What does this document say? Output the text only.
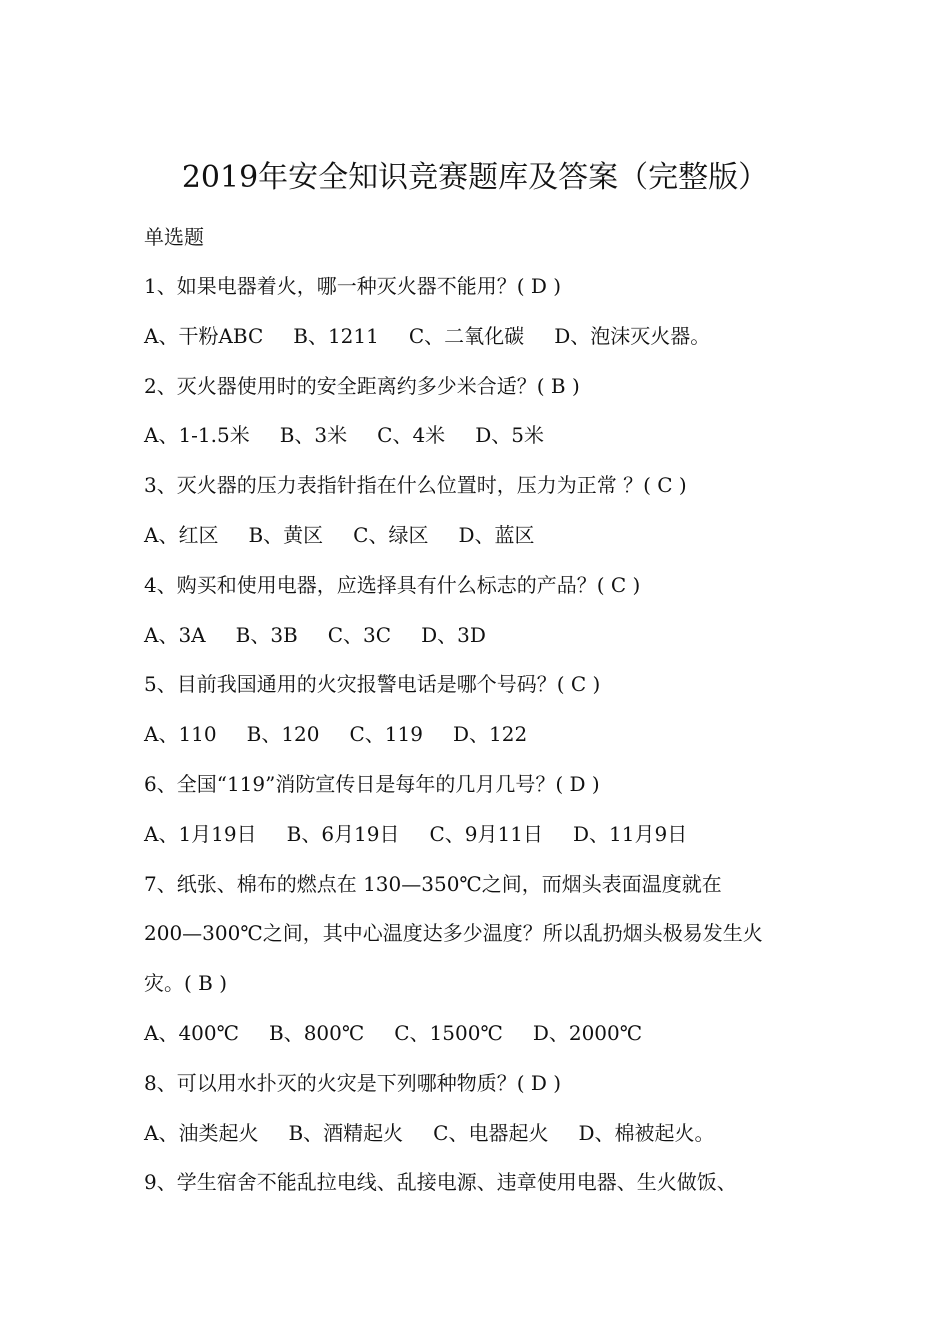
2019年安全知识竞赛题库及答案（完整版）
单选题
1、如果电器着火，哪一种灭火器不能用？( D )
A、干粉ABC B、1211 C、二氧化碳 D、泡沫灭火器。
2、灭火器使用时的安全距离约多少米合适？( B )
A、1-1.5米 B、3米 C、4米 D、5米
3、灭火器的压力表指针指在什么位置时，压力为正常 ？( C )
A、红区 B、黄区 C、绿区 D、蓝区
4、购买和使用电器，应选择具有什么标志的产品？( C )
A、3A B、3B C、3C D、3D
5、目前我国通用的火灾报警电话是哪个号码？( C )
A、110 B、120 C、119 D、122
6、全国“119”消防宣传日是每年的几月几号？( D )
A、1月19日 B、6月19日 C、9月11日 D、11月9日
7、纸张、棉布的燃点在 130—350℃之间，而烟头表面温度就在
200—300℃之间，其中心温度达多少温度？所以乱扔烟头极易发生火
灾。( B )
A、400℃ B、800℃ C、1500℃ D、2000℃
8、可以用水扑灭的火灾是下列哪种物质？( D )
A、油类起火 B、酒精起火 C、电器起火 D、棉被起火。
9、学生宿舍不能乱拉电线、乱接电源、违章使用电器、生火做饭、
